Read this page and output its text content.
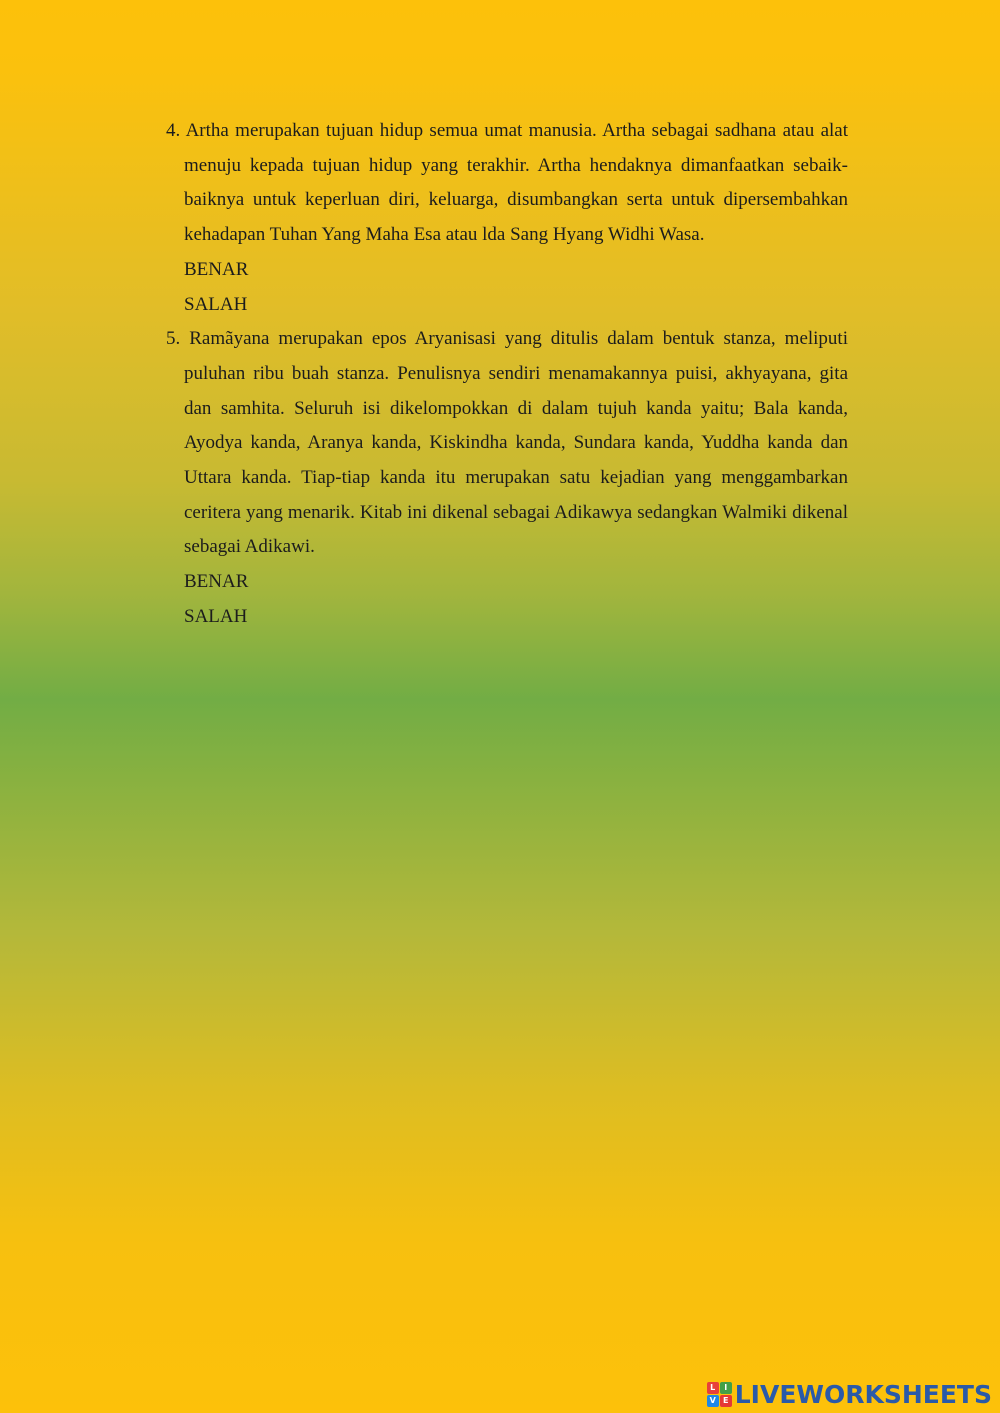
4. Artha merupakan tujuan hidup semua umat manusia. Artha sebagai sadhana atau alat menuju kepada tujuan hidup yang terakhir. Artha hendaknya dimanfaatkan sebaik-baiknya untuk keperluan diri, keluarga, disumbangkan serta untuk dipersembahkan kehadapan Tuhan Yang Maha Esa atau lda Sang Hyang Widhi Wasa.

BENAR

SALAH

5. Ramãyana merupakan epos Aryanisasi yang ditulis dalam bentuk stanza, meliputi puluhan ribu buah stanza. Penulisnya sendiri menamakannya puisi, akhyayana, gita dan samhita. Seluruh isi dikelompokkan di dalam tujuh kanda yaitu; Bala kanda, Ayodya kanda, Aranya kanda, Kiskindha kanda, Sundara kanda, Yuddha kanda dan Uttara kanda. Tiap-tiap kanda itu merupakan satu kejadian yang menggambarkan ceritera yang menarik. Kitab ini dikenal sebagai Adikawya sedangkan Walmiki dikenal sebagai Adikawi.

BENAR

SALAH

L	I
V E LIVEWORKSHEETS
